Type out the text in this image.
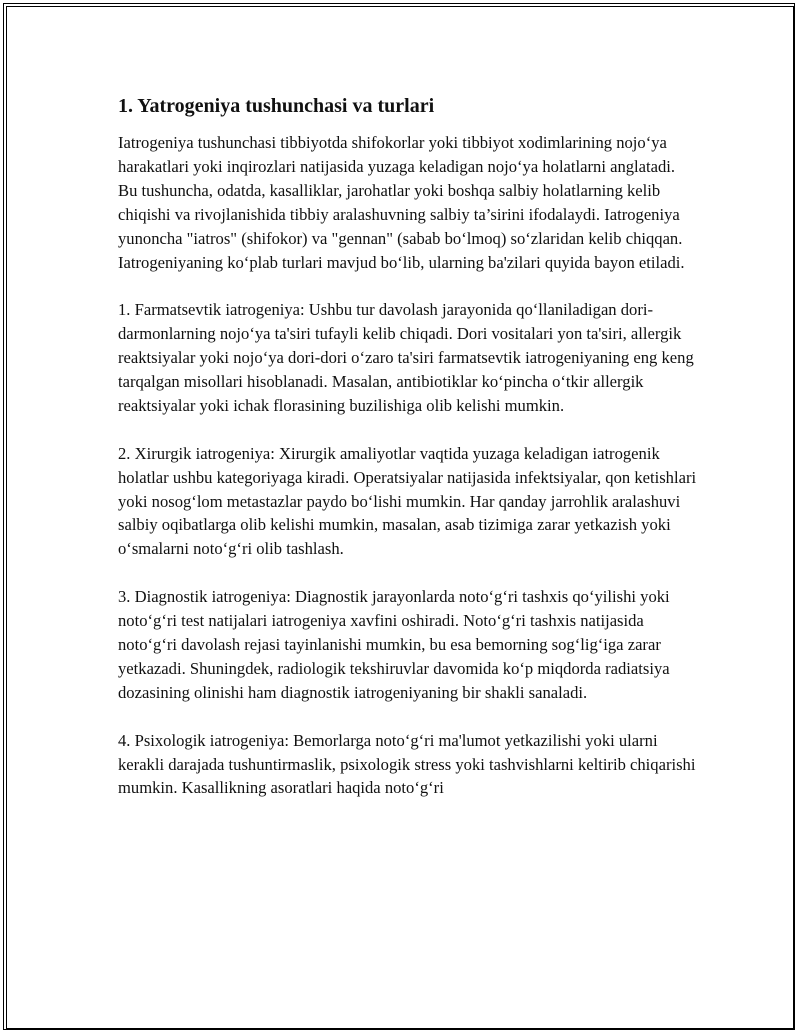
1. Yatrogeniya tushunchasi va turlari

Iatrogeniya tushunchasi tibbiyotda shifokorlar yoki tibbiyot xodimlarining nojo‘ya harakatlari yoki inqirozlari natijasida yuzaga keladigan nojo‘ya holatlarni anglatadi. Bu tushuncha, odatda, kasalliklar, jarohatlar yoki boshqa salbiy holatlarning kelib chiqishi va rivojlanishida tibbiy aralashuvning salbiy ta’sirini ifodalaydi. Iatrogeniya yunoncha "iatros" (shifokor) va "gennan" (sabab bo‘lmoq) so‘zlaridan kelib chiqqan. Iatrogeniyaning ko‘plab turlari mavjud bo‘lib, ularning ba'zilari quyida bayon etiladi.

1. Farmatsevtik iatrogeniya: Ushbu tur davolash jarayonida qo‘llaniladigan dori-darmonlarning nojo‘ya ta'siri tufayli kelib chiqadi. Dori vositalari yon ta'siri, allergik reaktsiyalar yoki nojo‘ya dori-dori o‘zaro ta'siri farmatsevtik iatrogeniyaning eng keng tarqalgan misollari hisoblanadi. Masalan, antibiotiklar ko‘pincha o‘tkir allergik reaktsiyalar yoki ichak florasining buzilishiga olib kelishi mumkin.

2. Xirurgik iatrogeniya: Xirurgik amaliyotlar vaqtida yuzaga keladigan iatrogenik holatlar ushbu kategoriyaga kiradi. Operatsiyalar natijasida infektsiyalar, qon ketishlari yoki nosog‘lom metastazlar paydo bo‘lishi mumkin. Har qanday jarrohlik aralashuvi salbiy oqibatlarga olib kelishi mumkin, masalan, asab tizimiga zarar yetkazish yoki o‘smalarni noto‘g‘ri olib tashlash.

3. Diagnostik iatrogeniya: Diagnostik jarayonlarda noto‘g‘ri tashxis qo‘yilishi yoki noto‘g‘ri test natijalari iatrogeniya xavfini oshiradi. Noto‘g‘ri tashxis natijasida noto‘g‘ri davolash rejasi tayinlanishi mumkin, bu esa bemorning sog‘lig‘iga zarar yetkazadi. Shuningdek, radiologik tekshiruvlar davomida ko‘p miqdorda radiatsiya dozasining olinishi ham diagnostik iatrogeniyaning bir shakli sanaladi.

4. Psixologik iatrogeniya: Bemorlarga noto‘g‘ri ma'lumot yetkazilishi yoki ularni kerakli darajada tushuntirmaslik, psixologik stress yoki tashvishlarni keltirib chiqarishi mumkin. Kasallikning asoratlari haqida noto‘g‘ri
